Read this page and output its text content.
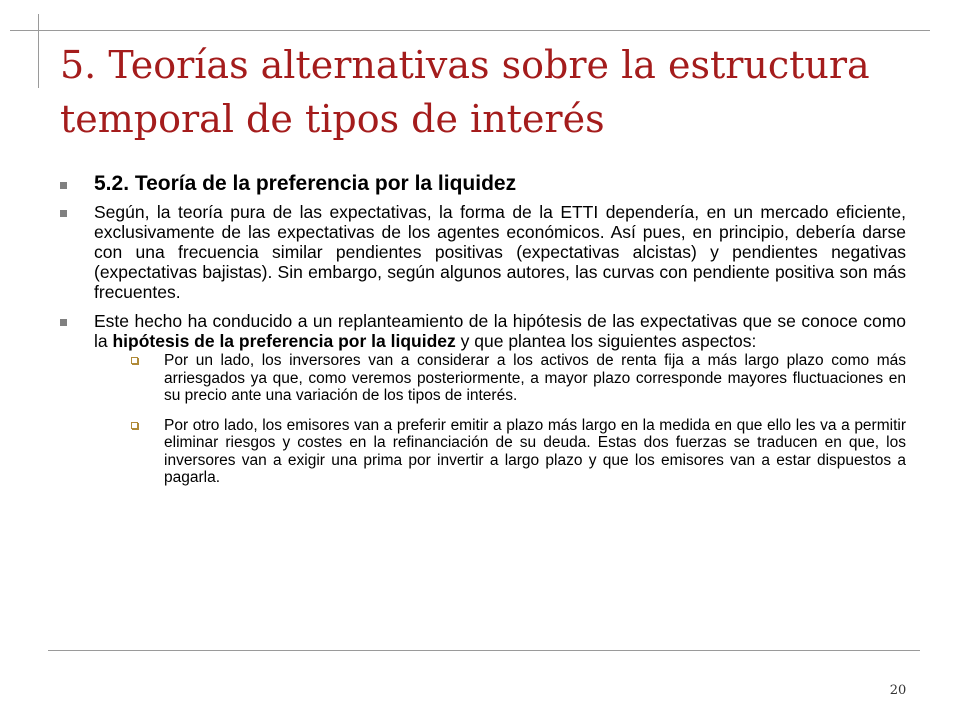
5. Teorías alternativas sobre la estructura temporal de tipos de interés
5.2. Teoría de la preferencia por la liquidez
Según, la teoría pura de las expectativas, la forma de la ETTI dependería, en un mercado eficiente, exclusivamente de las expectativas de los agentes económicos. Así pues, en principio, debería darse con una frecuencia similar pendientes positivas (expectativas alcistas) y pendientes negativas (expectativas bajistas). Sin embargo, según algunos autores, las curvas con pendiente positiva son más frecuentes.
Este hecho ha conducido a un replanteamiento de la hipótesis de las expectativas que se conoce como la hipótesis de la preferencia por la liquidez y que plantea los siguientes aspectos:
Por un lado, los inversores van a considerar a los activos de renta fija a más largo plazo como más arriesgados ya que, como veremos posteriormente, a mayor plazo corresponde mayores fluctuaciones en su precio ante una variación de los tipos de interés.
Por otro lado, los emisores van a preferir emitir a plazo más largo en la medida en que ello les va a permitir eliminar riesgos y costes en la refinanciación de su deuda. Estas dos fuerzas se traducen en que, los inversores van a exigir una prima por invertir a largo plazo y que los emisores van a estar dispuestos a pagarla.
20
